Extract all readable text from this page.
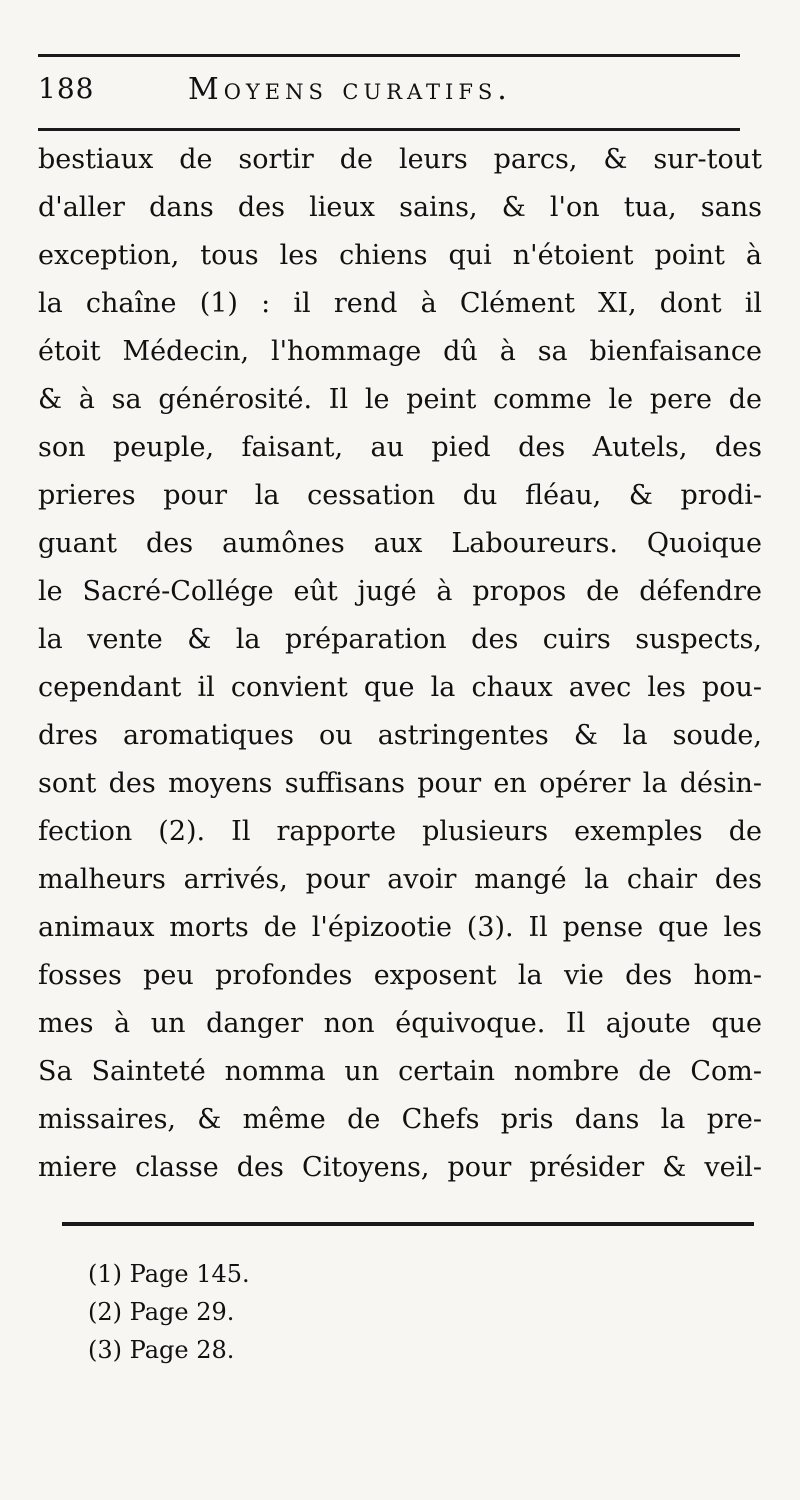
188	Moyens curatifs.
bestiaux de sortir de leurs parcs, & sur-tout
d'aller dans des lieux sains, & l'on tua, sans
exception, tous les chiens qui n'étoient point à
la chaîne (1) : il rend à Clément XI, dont il
étoit Médecin, l'hommage dû à sa bienfaisance
& à sa générosité. Il le peint comme le pere de
son peuple, faisant, au pied des Autels, des
prieres pour la cessation du fléau, & prodi-
guant des aumônes aux Laboureurs. Quoique
le Sacré-Collége eût jugé à propos de défendre
la vente & la préparation des cuirs suspects,
cependant il convient que la chaux avec les pou-
dres aromatiques ou astringentes & la soude,
sont des moyens suffisans pour en opérer la désin-
fection (2). Il rapporte plusieurs exemples de
malheurs arrivés, pour avoir mangé la chair des
animaux morts de l'épizootie (3). Il pense que les
fosses peu profondes exposent la vie des hom-
mes à un danger non équivoque. Il ajoute que
Sa Sainteté nomma un certain nombre de Com-
missaires, & même de Chefs pris dans la pre-
miere classe des Citoyens, pour présider & veil-
(1) Page 145.
(2) Page 29.
(3) Page 28.
